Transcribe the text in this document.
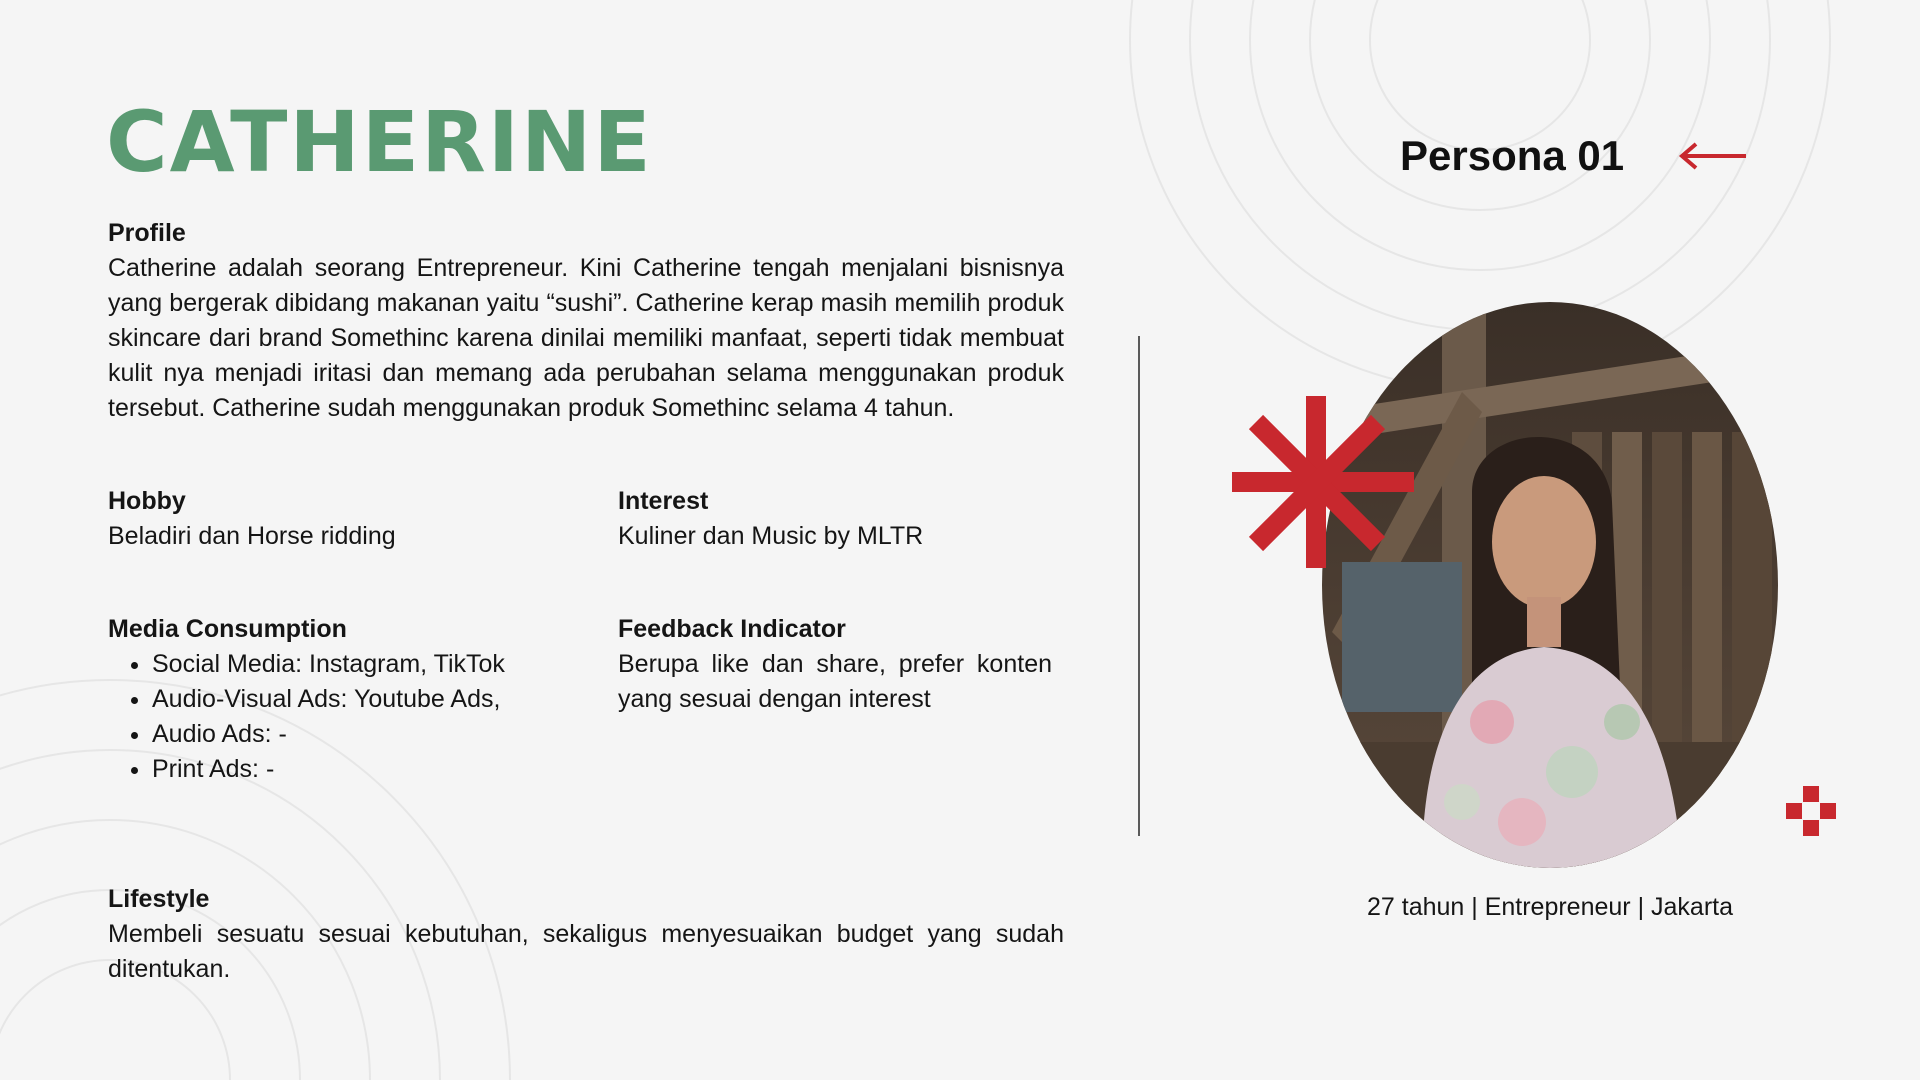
CATHERINE

Profile

Catherine adalah seorang Entrepreneur. Kini Catherine tengah menjalani bisnisnya yang bergerak dibidang makanan yaitu “sushi”. Catherine kerap masih memilih produk skincare dari brand Somethinc karena dinilai memiliki manfaat, seperti tidak membuat kulit nya menjadi iritasi dan memang ada perubahan selama menggunakan produk tersebut. Catherine sudah menggunakan produk Somethinc selama 4 tahun.

Hobby

Beladiri dan Horse ridding

Interest

Kuliner dan Music by MLTR

Media Consumption

• Social Media: Instagram, TikTok
• Audio-Visual Ads: Youtube Ads,
• Audio Ads: -
• Print Ads: -

Feedback Indicator

Berupa like dan share, prefer konten yang sesuai dengan interest

Lifestyle

Membeli sesuatu sesuai kebutuhan, sekaligus menyesuaikan budget yang sudah ditentukan.

Persona 01

27 tahun | Entrepreneur | Jakarta
